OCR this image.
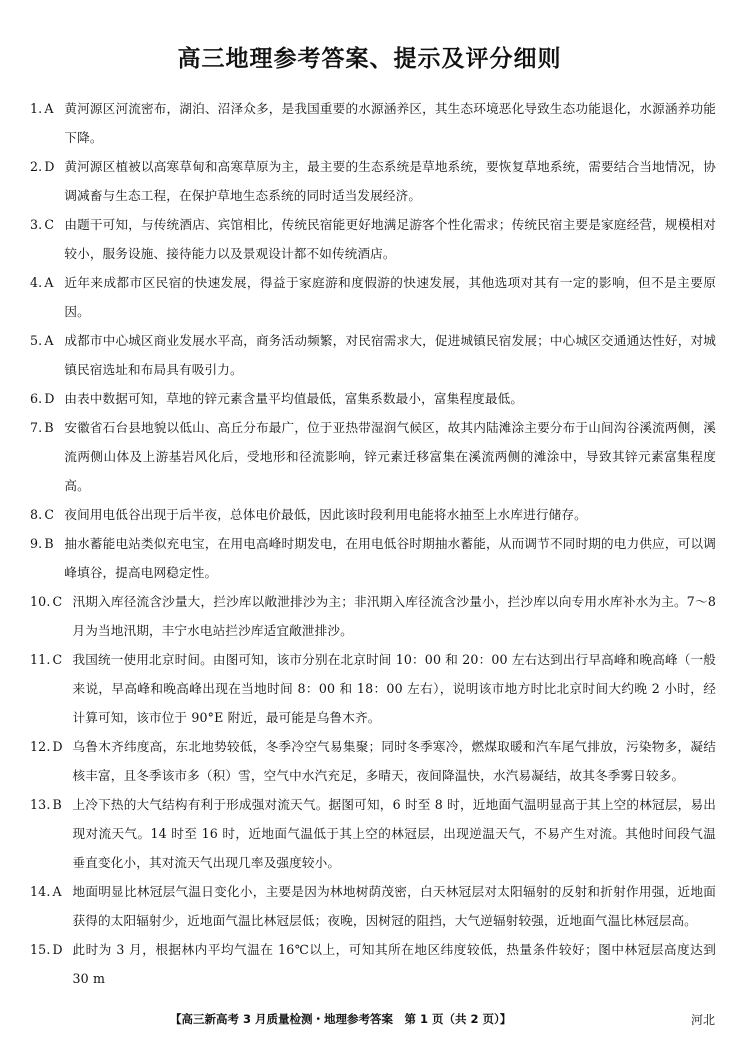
高三地理参考答案、提示及评分细则
1. A 黄河源区河流密布，湖泊、沼泽众多，是我国重要的水源涵养区，其生态环境恶化导致生态功能退化，水源涵养功能下降。
2. D 黄河源区植被以高寒草甸和高寒草原为主，最主要的生态系统是草地系统，要恢复草地系统，需要结合当地情况，协调减畜与生态工程，在保护草地生态系统的同时适当发展经济。
3. C 由题干可知，与传统酒店、宾馆相比，传统民宿能更好地满足游客个性化需求；传统民宿主要是家庭经营，规模相对较小，服务设施、接待能力以及景观设计都不如传统酒店。
4. A 近年来成都市区民宿的快速发展，得益于家庭游和度假游的快速发展，其他选项对其有一定的影响，但不是主要原因。
5. A 成都市中心城区商业发展水平高，商务活动频繁，对民宿需求大，促进城镇民宿发展；中心城区交通通达性好，对城镇民宿选址和布局具有吸引力。
6. D 由表中数据可知，草地的锌元素含量平均值最低，富集系数最小，富集程度最低。
7. B 安徽省石台县地貌以低山、高丘分布最广，位于亚热带湿润气候区，故其内陆滩涂主要分布于山间沟谷溪流两侧，溪流两侧山体及上游基岩风化后，受地形和径流影响，锌元素迁移富集在溪流两侧的滩涂中，导致其锌元素富集程度高。
8. C 夜间用电低谷出现于后半夜，总体电价最低，因此该时段利用电能将水抽至上水库进行储存。
9. B 抽水蓄能电站类似充电宝，在用电高峰时期发电，在用电低谷时期抽水蓄能，从而调节不同时期的电力供应，可以调峰填谷，提高电网稳定性。
10. C 汛期入库径流含沙量大，拦沙库以敞泄排沙为主；非汛期入库径流含沙量小，拦沙库以向专用水库补水为主。7～8月为当地汛期，丰宁水电站拦沙库适宜敞泄排沙。
11. C 我国统一使用北京时间。由图可知，该市分别在北京时间 10：00 和 20：00 左右达到出行早高峰和晚高峰（一般来说，早高峰和晚高峰出现在当地时间 8：00 和 18：00 左右），说明该市地方时比北京时间大约晚 2 小时，经计算可知，该市位于 90°E 附近，最可能是乌鲁木齐。
12. D 乌鲁木齐纬度高，东北地势较低，冬季冷空气易集聚；同时冬季寒冷，燃煤取暖和汽车尾气排放，污染物多，凝结核丰富，且冬季该市多（积）雪，空气中水汽充足，多晴天，夜间降温快，水汽易凝结，故其冬季雾日较多。
13. B 上冷下热的大气结构有利于形成强对流天气。据图可知，6 时至 8 时，近地面气温明显高于其上空的林冠层，易出现对流天气。14 时至 16 时，近地面气温低于其上空的林冠层，出现逆温天气，不易产生对流。其他时间段气温垂直变化小，其对流天气出现几率及强度较小。
14. A 地面明显比林冠层气温日变化小，主要是因为林地树荫茂密，白天林冠层对太阳辐射的反射和折射作用强，近地面获得的太阳辐射少，近地面气温比林冠层低；夜晚，因树冠的阻挡，大气逆辐射较强，近地面气温比林冠层高。
15. D 此时为 3 月，根据林内平均气温在 16℃以上，可知其所在地区纬度较低，热量条件较好；图中林冠层高度达到 30 m
【高三新高考 3 月质量检测・地理参考答案　第 1 页（共 2 页）】	河北
